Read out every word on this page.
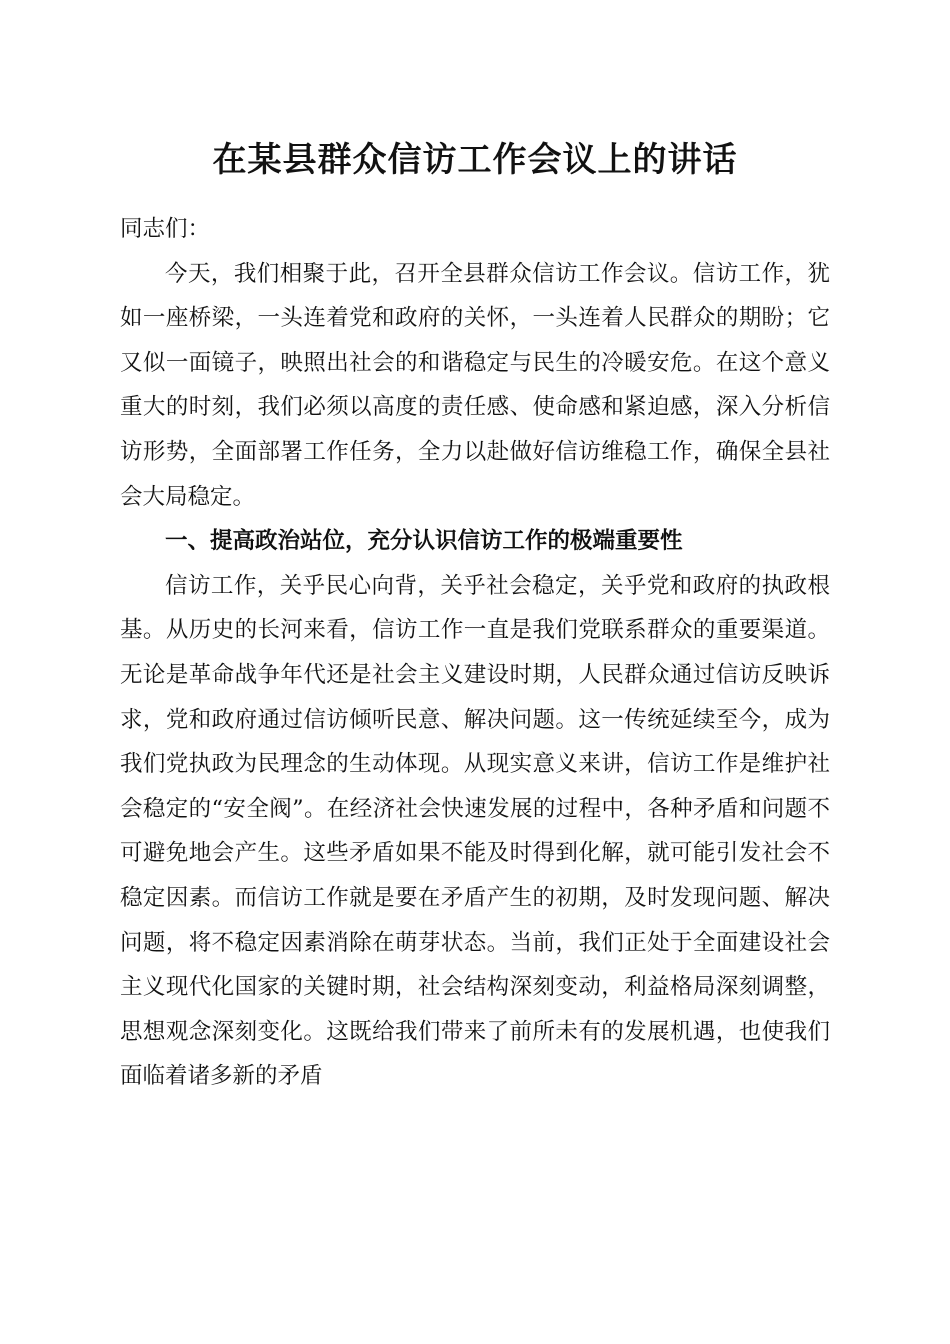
在某县群众信访工作会议上的讲话

同志们：

今天，我们相聚于此，召开全县群众信访工作会议。信访工作，犹如一座桥梁，一头连着党和政府的关怀，一头连着人民群众的期盼；它又似一面镜子，映照出社会的和谐稳定与民生的冷暖安危。在这个意义重大的时刻，我们必须以高度的责任感、使命感和紧迫感，深入分析信访形势，全面部署工作任务，全力以赴做好信访维稳工作，确保全县社会大局稳定。

一、提高政治站位，充分认识信访工作的极端重要性

信访工作，关乎民心向背，关乎社会稳定，关乎党和政府的执政根基。从历史的长河来看，信访工作一直是我们党联系群众的重要渠道。无论是革命战争年代还是社会主义建设时期，人民群众通过信访反映诉求，党和政府通过信访倾听民意、解决问题。这一传统延续至今，成为我们党执政为民理念的生动体现。从现实意义来讲，信访工作是维护社会稳定的“安全阀”。在经济社会快速发展的过程中，各种矛盾和问题不可避免地会产生。这些矛盾如果不能及时得到化解，就可能引发社会不稳定因素。而信访工作就是要在矛盾产生的初期，及时发现问题、解决问题，将不稳定因素消除在萌芽状态。当前，我们正处于全面建设社会主义现代化国家的关键时期，社会结构深刻变动，利益格局深刻调整，思想观念深刻变化。这既给我们带来了前所未有的发展机遇，也使我们面临着诸多新的矛盾
